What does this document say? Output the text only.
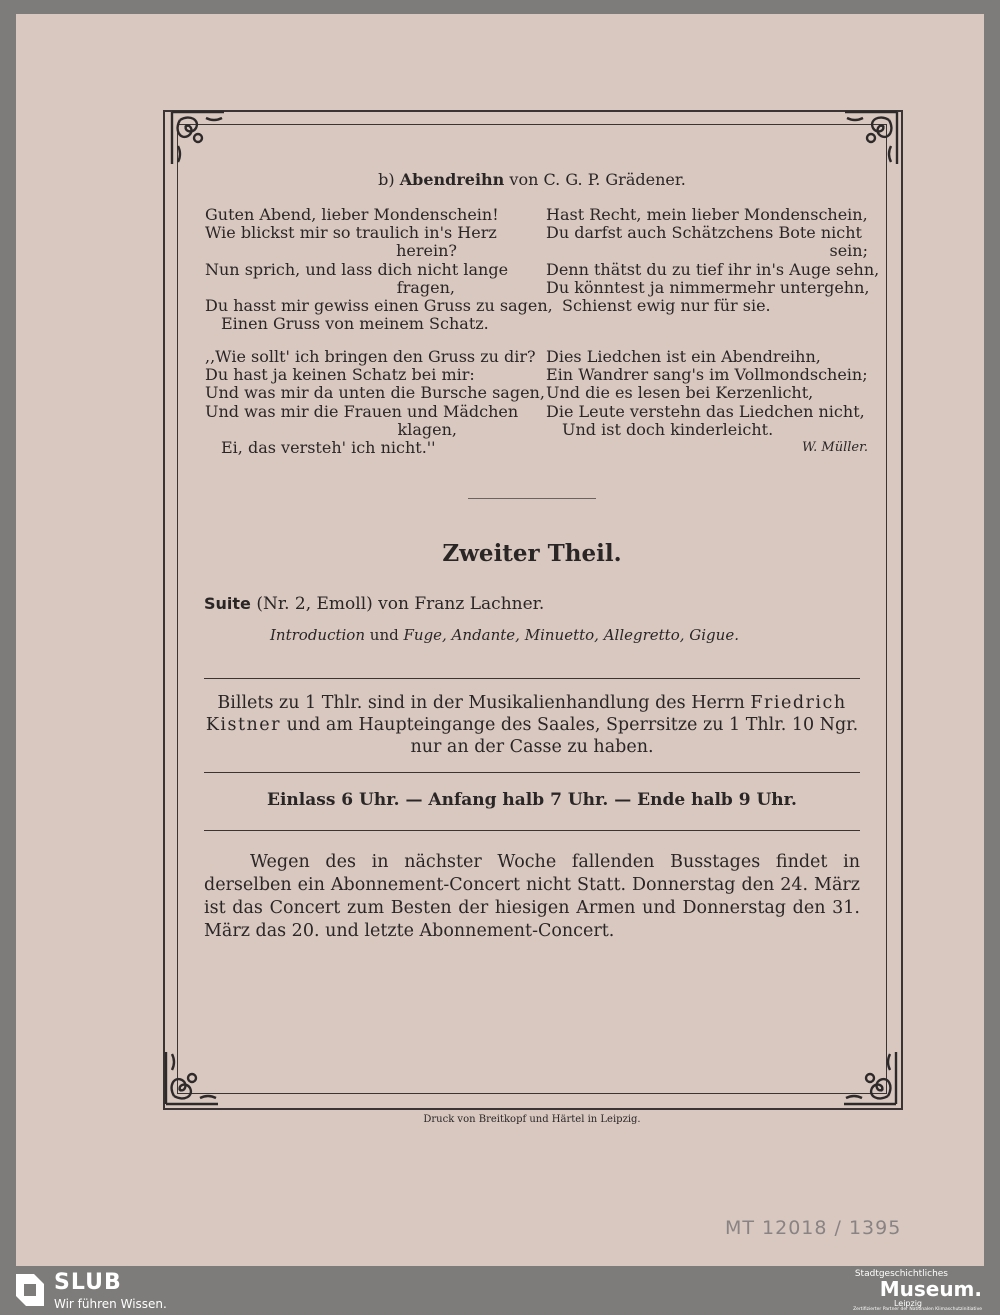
b) Abendreihn von C. G. P. Grädener.

Guten Abend, lieber Mondenschein!
Wie blickst mir so traulich in's Herz
herein?
Nun sprich, und lass dich nicht lange
fragen,
Du hasst mir gewiss einen Gruss zu sagen,
Einen Gruss von meinem Schatz.
,,Wie sollt' ich bringen den Gruss zu dir?
Du hast ja keinen Schatz bei mir:
Und was mir da unten die Bursche sagen,
Und was mir die Frauen und Mädchen
klagen,
Ei, das versteh' ich nicht.''
Hast Recht, mein lieber Mondenschein,
Du darfst auch Schätzchens Bote nicht
sein;
Denn thätst du zu tief ihr in's Auge sehn,
Du könntest ja nimmermehr untergehn,
Schienst ewig nur für sie.
Dies Liedchen ist ein Abendreihn,
Ein Wandrer sang's im Vollmondschein;
Und die es lesen bei Kerzenlicht,
Die Leute verstehn das Liedchen nicht,
Und ist doch kinderleicht.
W. Müller.

Zweiter Theil.

Suite (Nr. 2, Emoll) von Franz Lachner.

Introduction und Fuge, Andante, Minuetto, Allegretto, Gigue.

Billets zu 1 Thlr. sind in der Musikalienhandlung des Herrn Friedrich Kistner und am Haupteingange des Saales, Sperrsitze zu 1 Thlr. 10 Ngr. nur an der Casse zu haben.

Einlass 6 Uhr. — Anfang halb 7 Uhr. — Ende halb 9 Uhr.

Wegen des in nächster Woche fallenden Busstages findet in derselben ein Abonnement-Concert nicht Statt. Donnerstag den 24. März ist das Concert zum Besten der hiesigen Armen und Donnerstag den 31. März das 20. und letzte Abonnement-Concert.

Druck von Breitkopf und Härtel in Leipzig.

MT 12018 / 1395

SLUB

Wir führen Wissen.

Stadtgeschichtliches

Museum.

Leipzig

Zertifizierter Partner der Nationalen Klimaschutzinitiative
